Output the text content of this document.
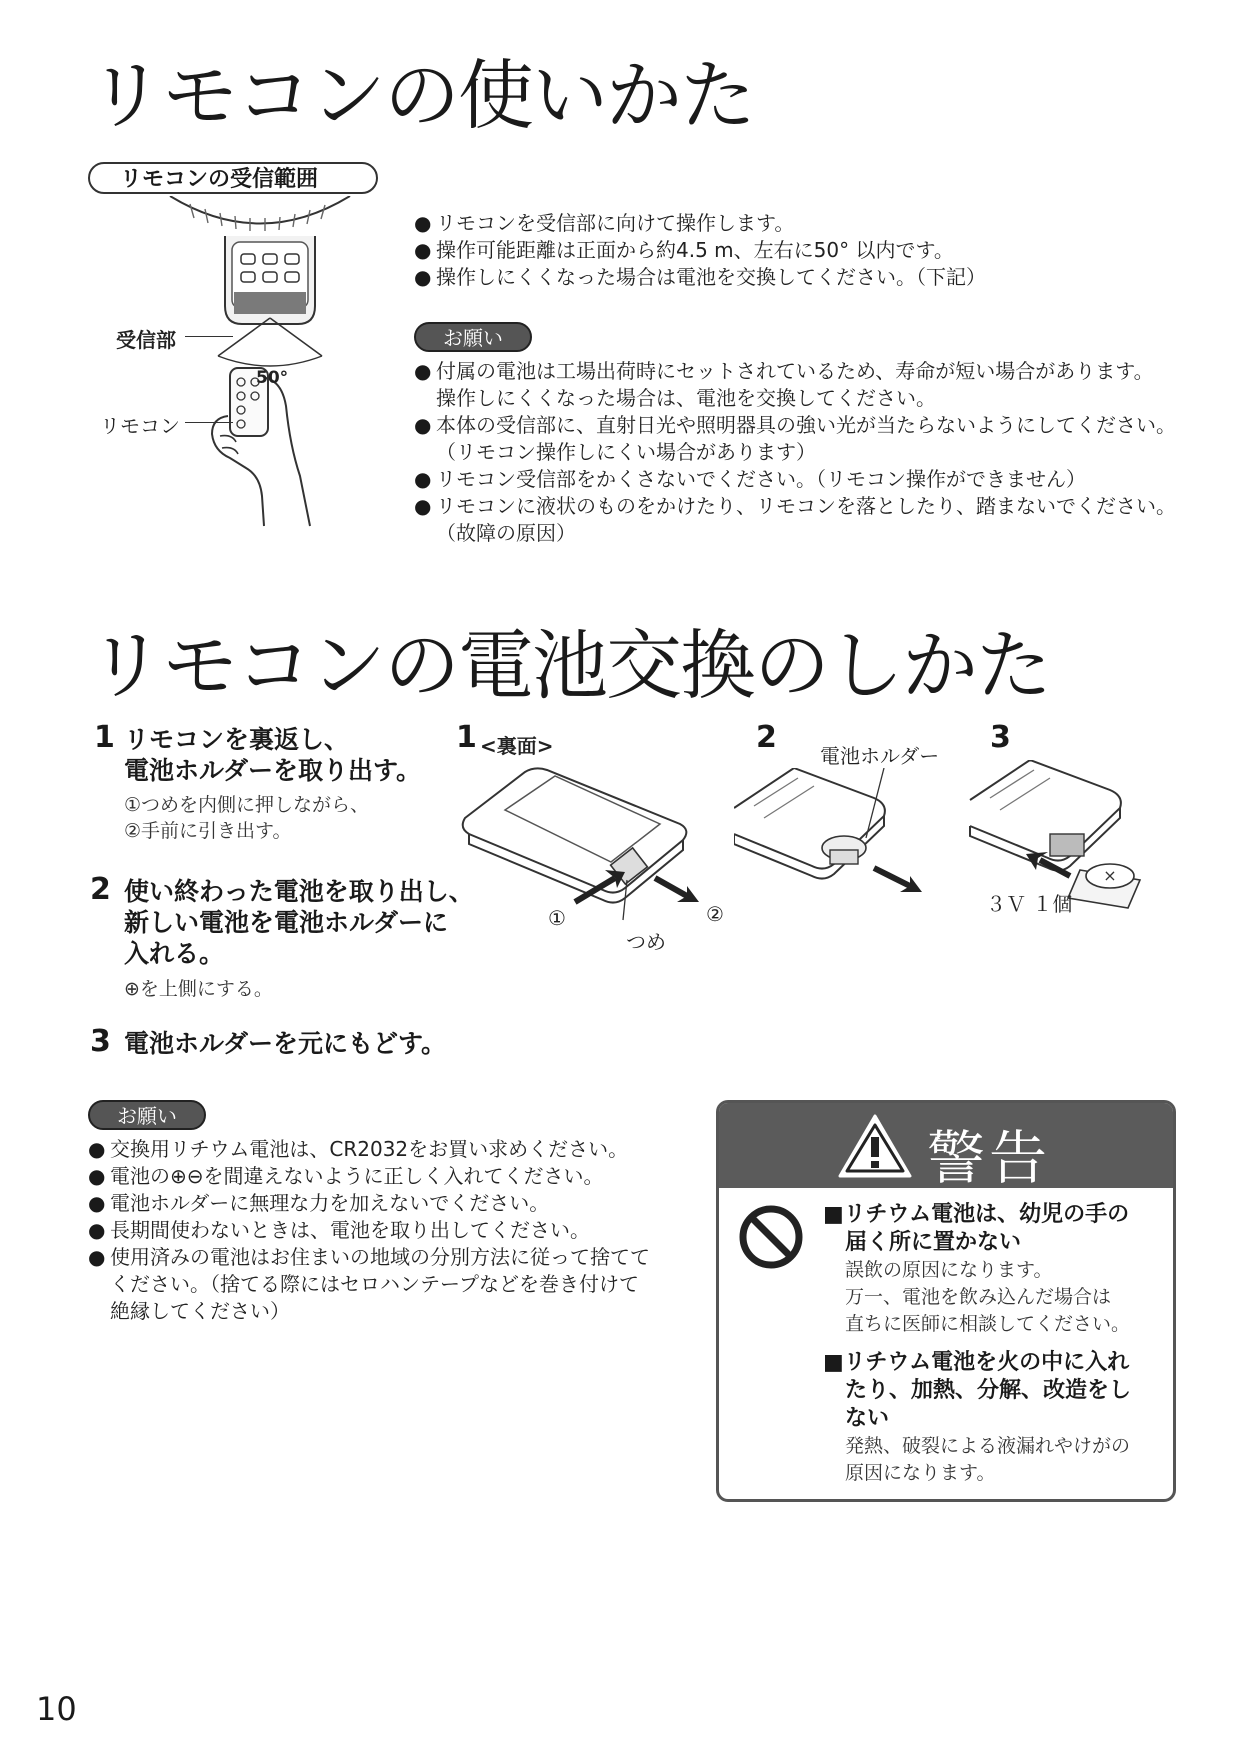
リモコンの使いかた
リモコンの受信範囲
受信部
50°
リモコン
● リモコンを受信部に向けて操作します。
● 操作可能距離は正面から約4.5 m、左右に50° 以内です。
● 操作しにくくなった場合は電池を交換してください。（下記）
お願い
● 付属の電池は工場出荷時にセットされているため、寿命が短い場合があります。
操作しにくくなった場合は、電池を交換してください。
● 本体の受信部に、直射日光や照明器具の強い光が当たらないようにしてください。
（リモコン操作しにくい場合があります）
● リモコン受信部をかくさないでください。（リモコン操作ができません）
● リモコンに液状のものをかけたり、リモコンを落としたり、踏まないでください。
（故障の原因）
リモコンの電池交換のしかた
1 リモコンを裏返し、
電池ホルダーを取り出す。
①つめを内側に押しながら、
②手前に引き出す。
2 使い終わった電池を取り出し、
新しい電池を電池ホルダーに
入れる。
⊕を上側にする。
3 電池ホルダーを元にもどす。
1 <裏面>
①	②
つめ
2
電池ホルダー
3
×
３Ｖ １個
お願い
● 交換用リチウム電池は、CR2032をお買い求めください。
● 電池の⊕⊖を間違えないように正しく入れてください。
● 電池ホルダーに無理な力を加えないでください。
● 長期間使わないときは、電池を取り出してください。
● 使用済みの電池はお住まいの地域の分別方法に従って捨てて
ください。（捨てる際にはセロハンテープなどを巻き付けて
絶縁してください）
警告
■リチウム電池は、幼児の手の
届く所に置かない
誤飲の原因になります。
万一、電池を飲み込んだ場合は
直ちに医師に相談してください。
■リチウム電池を火の中に入れ
たり、加熱、分解、改造をし
ない
発熱、破裂による液漏れやけがの
原因になります。
10
